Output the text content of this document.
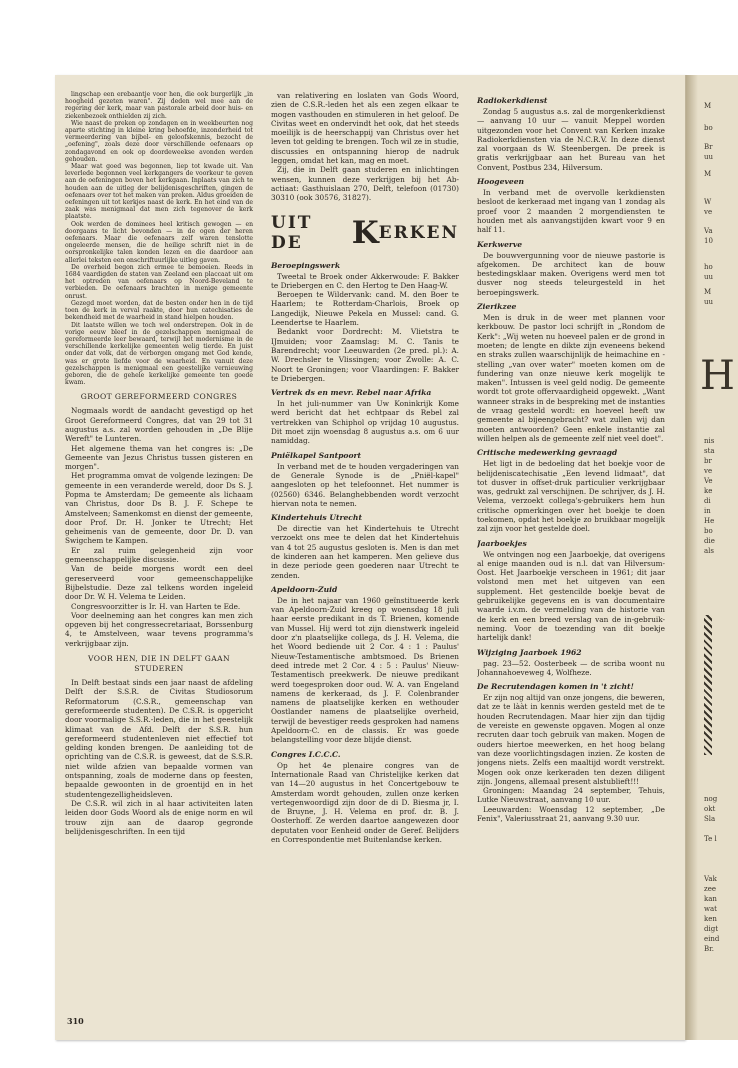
lingschap een erebaantje voor hen, die ook burgerlijk „in hoogheid gezeten waren". Zij deden wel mee aan de regering der kerk, maar van pastorale arbeid door huis- en ziekenbezoek onthielden zij zich.

Wie naast de preken op zondagen en in weekbeurten nog aparte stichting in kleine kring behoefde, inzonderheid tot vermeerdering van bijbel- en geloofskennis, bezocht de „oefening", zoals deze door verschillende oefenaars op zondagavond en ook op doordeweekse avonden werden gehouden.

Maar wat goed was begonnen, liep tot kwade uit. Van leverlede begonnen veel kerkgangers de voorkeur te geven aan de oefeningen boven het kerkgaan. Inplaats van zich te houden aan de uitleg der belijdenisgeschriften, gingen de oefenaars over tot het maken van preken. Aldus groeiden de oefeningen uit tot kerkjes naast de kerk. En het eind van de zaak was menigmaal dat men zich tegenover de kerk plaatste.

Ook werden de dominees heel kritisch gewogen — en doorgaans te licht bevonden — in de ogen der heren oefenaars. Maar die oefenaars zelf waren tenslotte ongeleerde mensen, die de heilige schrift niet in de oorspronkelijke talen konden lezen en die daardoor aan allerlei teksten een onschriftuurlijke uitleg gaven.

De overheid begon zich ermee te bemoeien. Reeds in 1684 vaardigden de staten van Zeeland een placcaat uit om het optreden van oefenaars op Noord-Beveland te verbieden. De oefenaars brachten in menige gemeente onrust.

Gezegd moet worden, dat de besten onder hen in de tijd toen de kerk in verval raakte, door hun catechisaties de bekendheid met de waarheid in stand hielpen houden.

Dit laatste willen we toch wel onderstrepen. Ook in de vorige eeuw bleef in de gezelschappen menigmaal de gereformeerde leer bewaard, terwijl het modernisme in de verschillende kerkelijke gemeenten welig tierde. En juist onder dat volk, dat de verborgen omgang met God kende, was er grote liefde voor de waarheid. En vanuit deze gezelschappen is menigmaal een geestelijke vernieuwing geboren, die de gehele kerkelijke gemeente ten goede kwam.

GROOT GEREFORMEERD CONGRES

Nogmaals wordt de aandacht gevestigd op het Groot Gereformeerd Congres, dat van 29 tot 31 augustus a.s. zal worden gehouden in „De Blije Wereft" te Lunteren.

Het algemene thema van het congres is: „De Gemeente van Jezus Christus tussen gisteren en morgen".

Het programma omvat de volgende lezingen: De gemeente in een veranderde wereld, door Ds S. J. Popma te Amsterdam; De gemeente als lichaam van Christus, door Ds B. J. F. Schepe te Amstelveen; Samenkomst en dienst der gemeente, door Prof. Dr. H. Jonker te Utrecht; Het geheimenis van de gemeente, door Dr. D. van Swigchem te Kampen.

Er zal ruim gelegenheid zijn voor gemeenschappelijke discussie.

Van de beide morgens wordt een deel gereserveerd voor gemeenschappelijke Bijbelstudie. Deze zal telkens worden ingeleid door Dr. W. H. Velema te Leiden.

Congresvoorzitter is Ir. H. van Harten te Ede.

Voor deelneming aan het congres kan men zich opgeven bij het congressecretariaat, Borssenburg 4, te Amstelveen, waar tevens programma's verkrijgbaar zijn.

VOOR HEN, DIE IN DELFT GAAN STUDEREN

In Delft bestaat sinds een jaar naast de afdeling Delft der S.S.R. de Civitas Studiosorum Reformatorum (C.S.R., gemeenschap van gereformeerde studenten). De C.S.R. is opgericht door voormalige S.S.R.-leden, die in het geestelijk klimaat van de Afd. Delft der S.S.R. hun gereformeerd studentenleven niet effectief tot gelding konden brengen. De aanleiding tot de oprichting van de C.S.R. is geweest, dat de S.S.R. niet wilde afzien van bepaalde vormen van ontspanning, zoals de moderne dans op feesten, bepaalde gewoonten in de groentijd en in het studentengezelligheidsleven.

De C.S.R. wil zich in al haar activiteiten laten leiden door Gods Woord als de enige norm en wil trouw zijn aan de daarop gegronde belijdenisgeschriften. In een tijd

van relativering en loslaten van Gods Woord, zien de C.S.R.-leden het als een zegen elkaar te mogen vasthouden en stimuleren in het geloof. De Civitas weet en ondervindt het ook, dat het steeds moeilijk is de heerschappij van Christus over het leven tot gelding te brengen. Toch wil ze in studie, discussies en ontspanning hierop de nadruk leggen, omdat het kan, mag en moet.

Zij, die in Delft gaan studeren en inlichtingen wensen, kunnen deze verkrijgen bij het Ab-actiaat: Gasthuislaan 270, Delft, telefoon (01730) 30310 (ook 30576, 31827).

UIT DE	K ERKEN
Beroepingswerk

Tweetal te Broek onder Akkerwoude: F. Bakker te Driebergen en C. den Hertog te Den Haag-W.

Beroepen te Wildervank: cand. M. den Boer te Haarlem; te Rotterdam-Charlois, Broek op Langedijk, Nieuwe Pekela en Mussel: cand. G. Leendertse te Haarlem.

Bedankt voor Dordrecht: M. Vlietstra te IJmuiden; voor Zaamslag: M. C. Tanis te Barendrecht; voor Leeuwarden (2e pred. pl.): A. W. Drechsler te Vlissingen; voor Zwolle: A. C. Noort te Groningen; voor Vlaardingen: F. Bakker te Driebergen.

Vertrek ds en mevr. Rebel naar Afrika

In het juli-nummer van Uw Koninkrijk Kome werd bericht dat het echtpaar ds Rebel zal vertrekken van Schiphol op vrijdag 10 augustus. Dit moet zijn woensdag 8 augustus a.s. om 6 uur namiddag.

Pniëlkapel Santpoort

In verband met de te houden vergaderingen van de Generale Synode is de „Pniël-kapel" aangesloten op het telefoonnet. Het nummer is (02560) 6346. Belanghebbenden wordt verzocht hiervan nota te nemen.

Kindertehuis Utrecht

De directie van het Kindertehuis te Utrecht verzoekt ons mee te delen dat het Kindertehuis van 4 tot 25 augustus gesloten is. Men is dan met de kinderen aan het kamperen. Men gelieve dus in deze periode geen goederen naar Utrecht te zenden.

Apeldoorn-Zuid

De in het najaar van 1960 geïnstitueerde kerk van Apeldoorn-Zuid kreeg op woensdag 18 juli haar eerste predikant in ds T. Brienen, komende van Mussel. Hij werd tot zijn dienstwerk ingeleid door z'n plaatselijke collega, ds J. H. Velema, die het Woord bediende uit 2 Cor. 4 : 1 : Paulus' Nieuw-Testamentische ambtsmoed. Ds Brienen deed intrede met 2 Cor. 4 : 5 : Paulus' Nieuw-Testamentisch preekwerk. De nieuwe predikant werd toegesproken door oud. W. A. van Engeland namens de kerkeraad, ds J. F. Colenbrander namens de plaatselijke kerken en wethouder Oostlander namens de plaatselijke overheid, terwijl de bevestiger reeds gesproken had namens Apeldoorn-C. en de classis. Er was goede belangstelling voor deze blijde dienst.

Congres I.C.C.C.

Op het 4e plenaire congres van de Internationale Raad van Christelijke kerken dat van 14—20 augustus in het Concertgebouw te Amsterdam wordt gehouden, zullen onze kerken vertegenwoordigd zijn door de di D. Biesma jr, I. de Bruyne, J. H. Velema en prof. dr. B. J. Oosterhoff. Ze werden daartoe aangewezen door deputaten voor Eenheid onder de Geref. Belijders en Correspondentie met Buitenlandse kerken.

Radiokerkdienst

Zondag 5 augustus a.s. zal de morgenkerkdienst — aanvang 10 uur — vanuit Meppel worden uitgezonden voor het Convent van Kerken inzake Radiokerkdiensten via de N.C.R.V. In deze dienst zal voorgaan ds W. Steenbergen. De preek is gratis verkrijgbaar aan het Bureau van het Convent, Postbus 234, Hilversum.

Hoogeveen

In verband met de overvolle kerkdiensten besloot de kerkeraad met ingang van 1 zondag als proef voor 2 maanden 2 morgendiensten te houden met als aanvangstijden kwart voor 9 en half 11.

Kerkwerve

De bouwvergunning voor de nieuwe pastorie is afgekomen. De architect kan de bouw bestedingsklaar maken. Overigens werd men tot dusver nog steeds teleurgesteld in het beroepingswerk.

Zierikzee

Men is druk in de weer met plannen voor kerkbouw. De pastor loci schrijft in „Rondom de Kerk": „Wij weten nu hoeveel palen er de grond in moeten; de lengte en dikte zijn eveneens bekend en straks zullen waarschijnlijk de heimachine en -stelling „van over water" moeten komen om de fundering van onze nieuwe kerk mogelijk te maken". Intussen is veel geld nodig. De gemeente wordt tot grote offervaardigheid opgewekt. „Want wanneer straks in de bespreking met de instanties de vraag gesteld wordt: en hoeveel heeft uw gemeente al bijeengebracht? wat zullen wij dan moeten antwoorden? Geen enkele instantie zal willen helpen als de gemeente zelf niet veel doet".

Critische medewerking gevraagd

Het ligt in de bedoeling dat het boekje voor de belijdeniscatechisatie „Een levend lidmaat", dat tot dusver in offset-druk particulier verkrijgbaar was, gedrukt zal verschijnen. De schrijver, ds J. H. Velema, verzoekt collega's-gebruikers hem hun critische opmerkingen over het boekje te doen toekomen, opdat het boekje zo bruikbaar mogelijk zal zijn voor het gestelde doel.

Jaarboekjes

We ontvingen nog een Jaarboekje, dat overigens al enige maanden oud is n.l. dat van Hilversum-Oost. Het Jaarboekje verscheen in 1961; dit jaar volstond men met het uitgeven van een supplement. Het gestencilde boekje bevat de gebruikelijke gegevens en is van documentaire waarde i.v.m. de vermelding van de historie van de kerk en een breed verslag van de in-gebruik-neming. Voor de toezending van dit boekje hartelijk dank!

Wijziging Jaarboek 1962

pag. 23—52. Oosterbeek — de scriba woont nu Johannahoeveweg 4, Wolfheze.

De Recrutendagen komen in 't zicht!

Er zijn nog altijd van onze jongens, die beweren, dat ze te lààt in kennis werden gesteld met de te houden Recrutendagen. Maar hier zijn dan tijdig de vereiste en gewenste opgaven. Mogen al onze recruten daar toch gebruik van maken. Mogen de ouders hiertoe meewerken, en het hoog belang van deze voorlichtingsdagen inzien. Ze kosten de jongens niets. Zelfs een maaltijd wordt verstrekt. Mogen ook onze kerkeraden ten dezen diligent zijn. Jongens, allemaal present alstublieft!!!

Groningen: Maandag 24 september, Tehuis, Lutke Nieuwstraat, aanvang 10 uur.

Leeuwarden: Woensdag 12 september, „De Fenix", Valeriusstraat 21, aanvang 9.30 uur.

310
M
bo
Br
uu
M
W
ve
Va
10
ho
uu
M
uu
H
nis
sta
br
ve
Ve
ke
di
in
He
bo
die
als
nog
okt
Sla
Te l
Vak
zee
kan
wat
ken
digt
eind
Br.
